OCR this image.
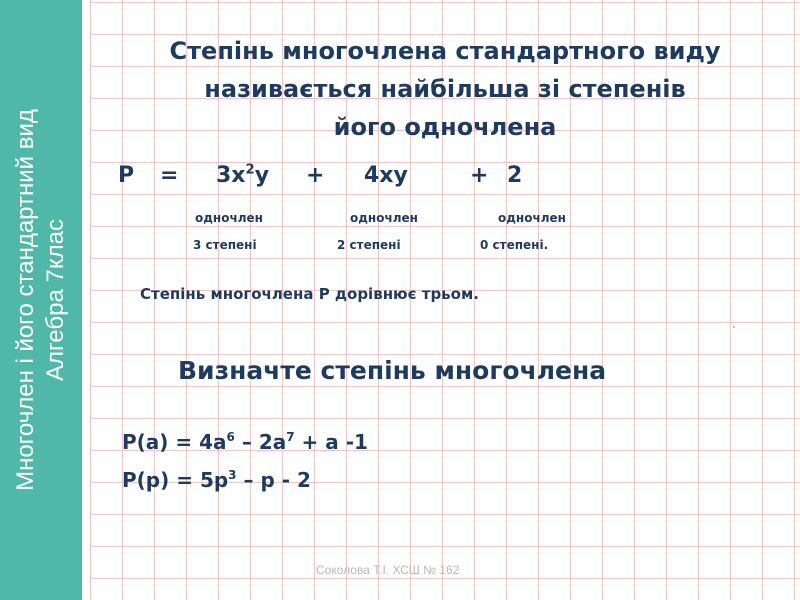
Многочлен і його стандартний вид Алгебра 7клас
Степінь многочлена стандартного виду
називається найбільша зі степенів
його одночлена
$P = 3x^2y + 4xy$	+ 2
одночлен	одночлен	одночлен
3 степені	2 степені	0 степені.
Степінь многочлена P дорівнює трьом.
Визначте степінь многочлена
$P(a) = 4a^6 - 2a^7 + a$ -1
$P(p) = 5p^3 - p - 2$
Соколова Т.І. ХСШ № 162
